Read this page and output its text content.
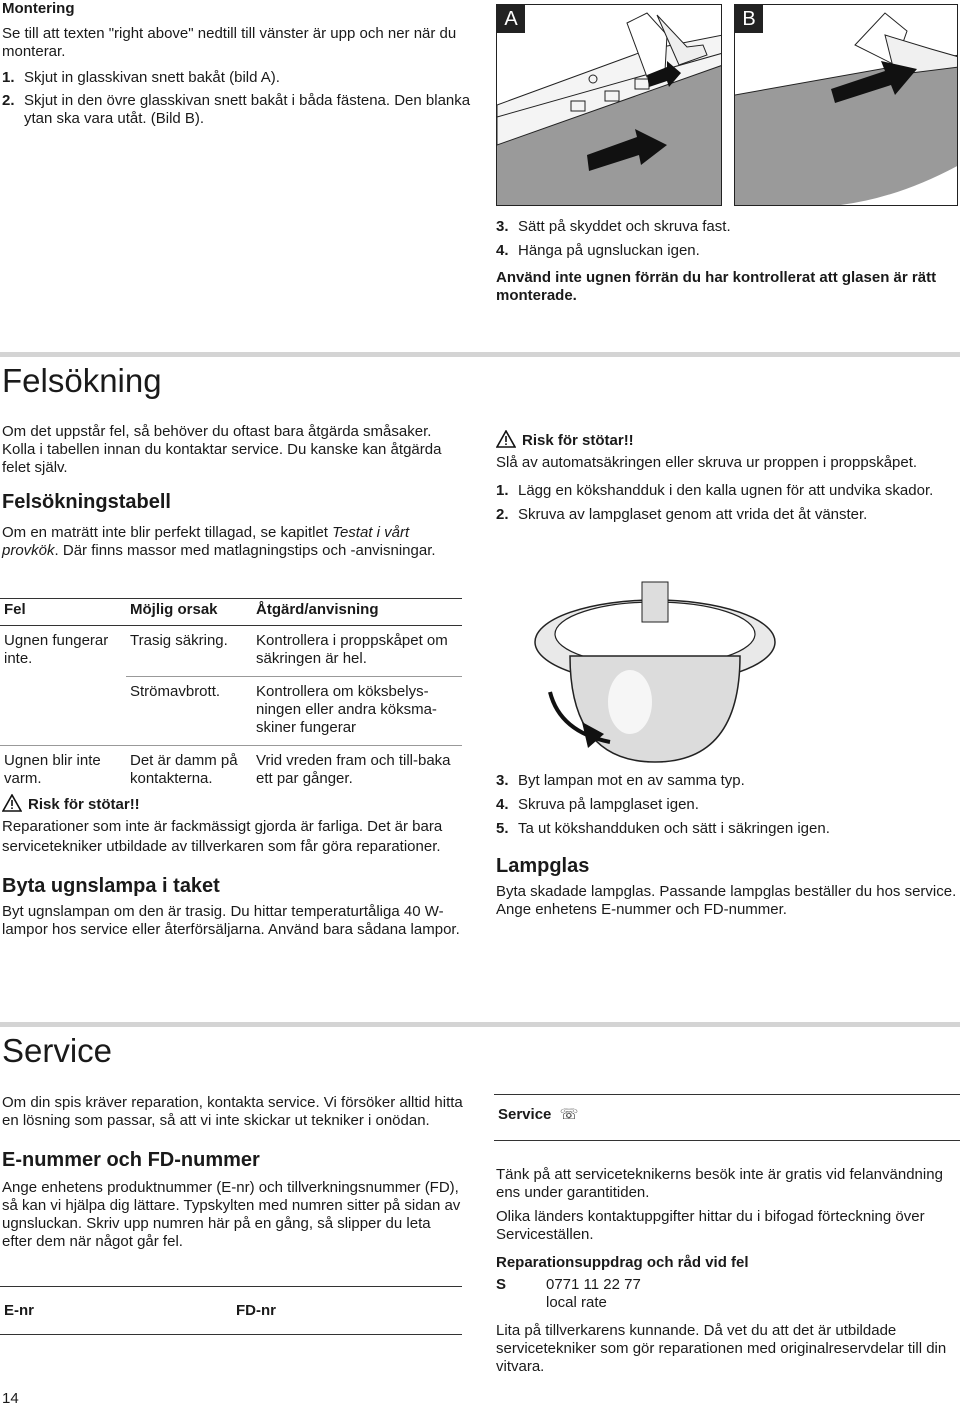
Montering

Se till att texten "right above" nedtill till vänster är upp och ner när du monterar.

1. Skjut in glasskivan snett bakåt (bild A).
2. Skjut in den övre glasskivan snett bakåt i båda fästena. Den blanka ytan ska vara utåt. (Bild B).
A	B
3. Sätt på skyddet och skruva fast.
4. Hänga på ugnsluckan igen.

Använd inte ugnen förrän du har kontrollerat att glasen är rätt monterade.

Felsökning

Om det uppstår fel, så behöver du oftast bara åtgärda småsaker. Kolla i tabellen innan du kontaktar service. Du kanske kan åtgärda felet själv.

Felsökningstabell

Om en maträtt inte blir perfekt tillagad, se kapitlet Testat i vårt provkök. Där finns massor med matlagningstips och -anvisningar.

Fel	Möjlig orsak	Åtgärd/anvisning
Ugnen fungerar inte.	Trasig säkring.	Kontrollera i proppskåpet om säkringen är hel.
	Strömavbrott.	Kontrollera om köksbelys-ningen eller andra köksma-skiner fungerar
Ugnen blir inte varm.	Det är damm på kontakterna.	Vrid vreden fram och till-baka ett par gånger.
Risk för stötar!!

Reparationer som inte är fackmässigt gjorda är farliga. Det är bara servicetekniker utbildade av tillverkaren som får göra reparationer.

Byta ugnslampa i taket

Byt ugnslampan om den är trasig. Du hittar temperaturtåliga 40 W-lampor hos service eller återförsäljarna. Använd bara sådana lampor.

Risk för stötar!!

Slå av automatsäkringen eller skruva ur proppen i proppskåpet.

1. Lägg en kökshandduk i den kalla ugnen för att undvika skador.
2. Skruva av lampglaset genom att vrida det åt vänster.
3. Byt lampan mot en av samma typ.
4. Skruva på lampglaset igen.
5. Ta ut kökshandduken och sätt i säkringen igen.
Lampglas

Byta skadade lampglas. Passande lampglas beställer du hos service. Ange enhetens E-nummer och FD-nummer.

Service

Om din spis kräver reparation, kontakta service. Vi försöker alltid hitta en lösning som passar, så att vi inte skickar ut tekniker i onödan.

E-nummer och FD-nummer

Ange enhetens produktnummer (E-nr) och tillverkningsnummer (FD), så kan vi hjälpa dig lättare. Typskylten med numren sitter på sidan av ugnsluckan. Skriv upp numren här på en gång, så slipper du leta efter dem när något går fel.

E-nr	FD-nr
Service ☏

Tänk på att serviceteknikerns besök inte är gratis vid felanvändning ens under garantitiden.

Olika länders kontaktuppgifter hittar du i bifogad förteckning över Serviceställen.

Reparationsuppdrag och råd vid fel

S	0771 11 22 77
local rate

Lita på tillverkarens kunnande. Då vet du att det är utbildade servicetekniker som gör reparationen med originalreservdelar till din vitvara.

14
